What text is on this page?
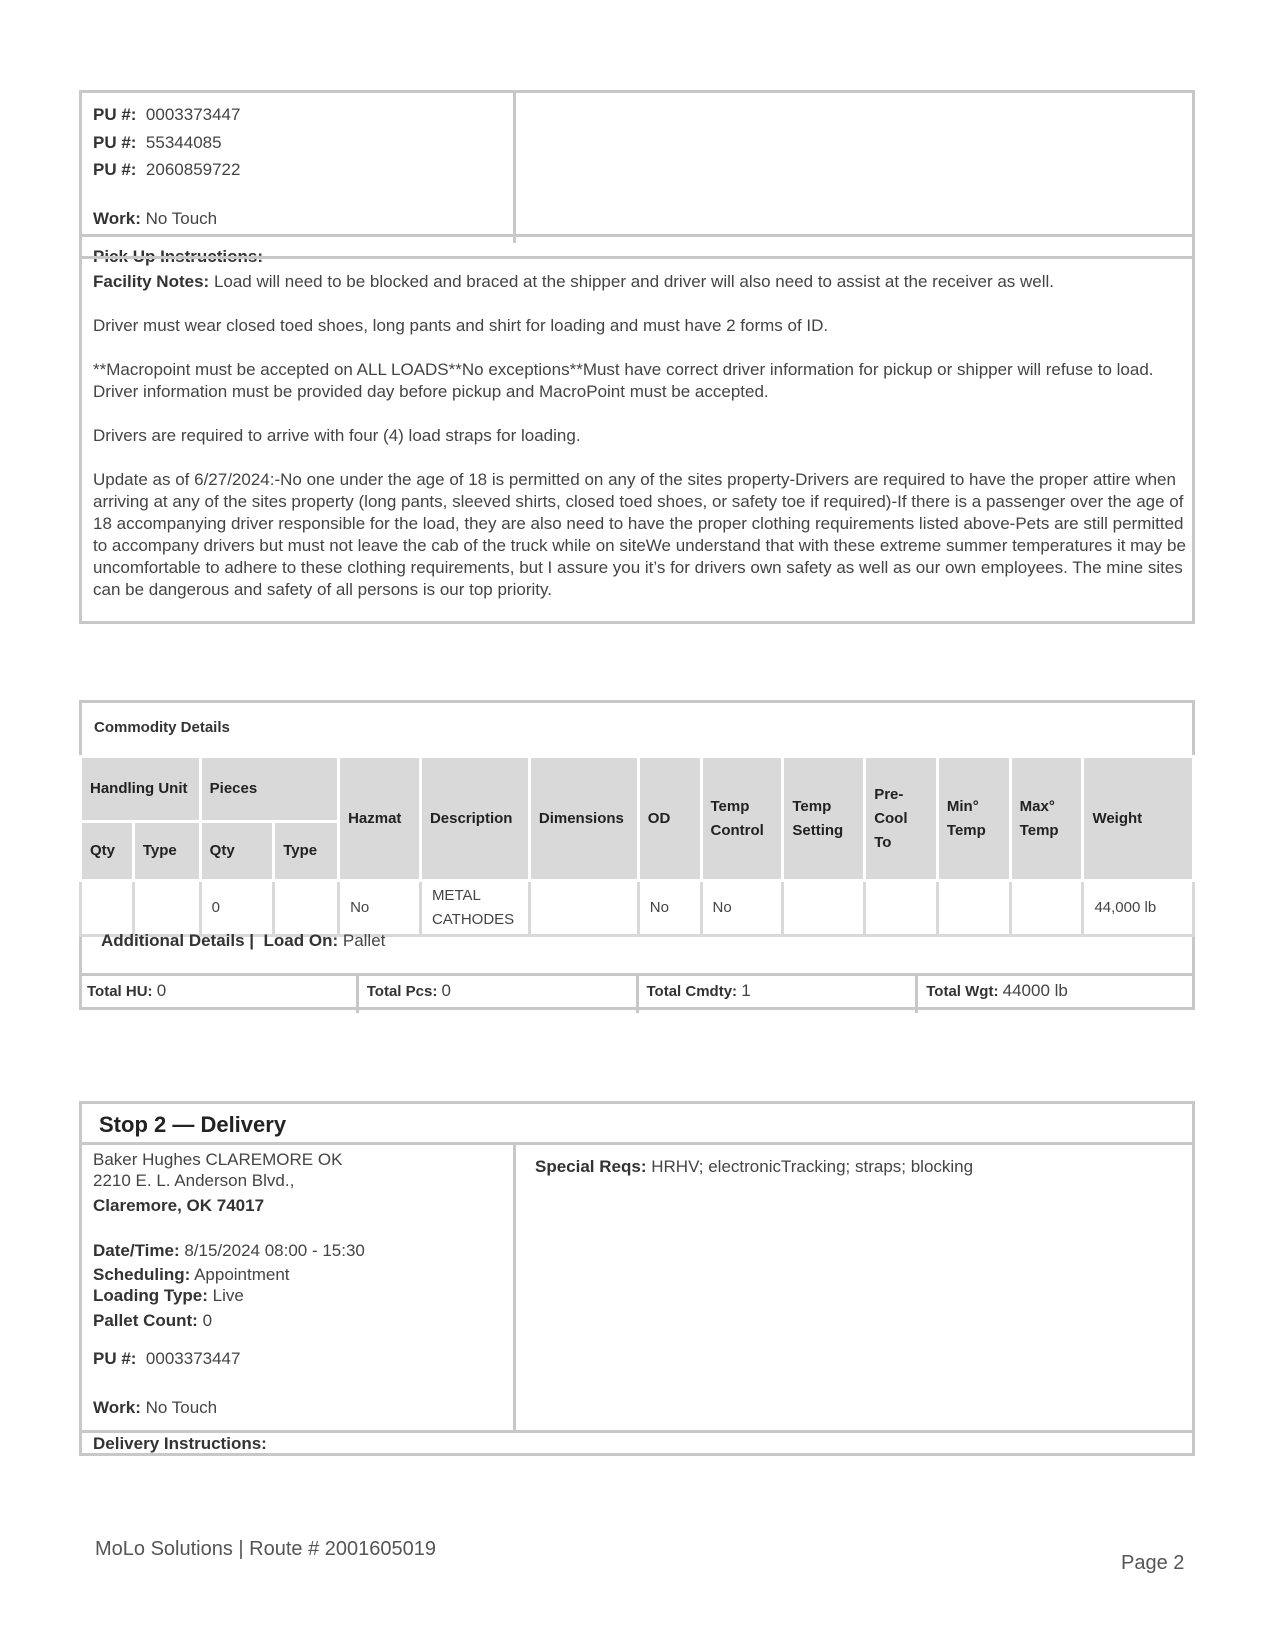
PU #: 0003373447
PU #: 55344085
PU #: 2060859722
Work: No Touch

Facility Notes: Load will need to be blocked and braced at the shipper and driver will also need to assist at the receiver as well.

Driver must wear closed toed shoes, long pants and shirt for loading and must have 2 forms of ID.

**Macropoint must be accepted on ALL LOADS**No exceptions**Must have correct driver information for pickup or shipper will refuse to load. Driver information must be provided day before pickup and MacroPoint must be accepted.

Drivers are required to arrive with four (4) load straps for loading.

Update as of 6/27/2024:-No one under the age of 18 is permitted on any of the sites property-Drivers are required to have the proper attire when arriving at any of the sites property (long pants, sleeved shirts, closed toed shoes, or safety toe if required)-If there is a passenger over the age of 18 accompanying driver responsible for the load, they are also need to have the proper clothing requirements listed above-Pets are still permitted to accompany drivers but must not leave the cab of the truck while on siteWe understand that with these extreme summer temperatures it may be uncomfortable to adhere to these clothing requirements, but I assure you it’s for drivers own safety as well as our own employees. The mine sites can be dangerous and safety of all persons is our top priority.

Commodity Details
Handling Unit		Pieces		Hazmat	Description	Dimensions	OD	Temp Control	Temp Setting	Pre-Cool To	Min° Temp	Max° Temp	Weight
Qty	Type	Qty	Type										
		0		No	METAL CATHODES		No	No					44,000 lb
Additional Details | Load On: Pallet
Total HU: 0	Total Pcs: 0	Total Cmdty: 1	Total Wgt: 44000 lb
Stop 2 — Delivery
Baker Hughes CLAREMORE OK
2210 E. L. Anderson Blvd.,
Claremore, OK 74017
Date/Time: 8/15/2024 08:00 - 15:30
Scheduling: Appointment
Loading Type: Live
Pallet Count: 0
PU #: 0003373447
Work: No Touch
Special Reqs: HRHV; electronicTracking; straps; blocking
Delivery Instructions:
MoLo Solutions | Route # 2001605019
Page 2
